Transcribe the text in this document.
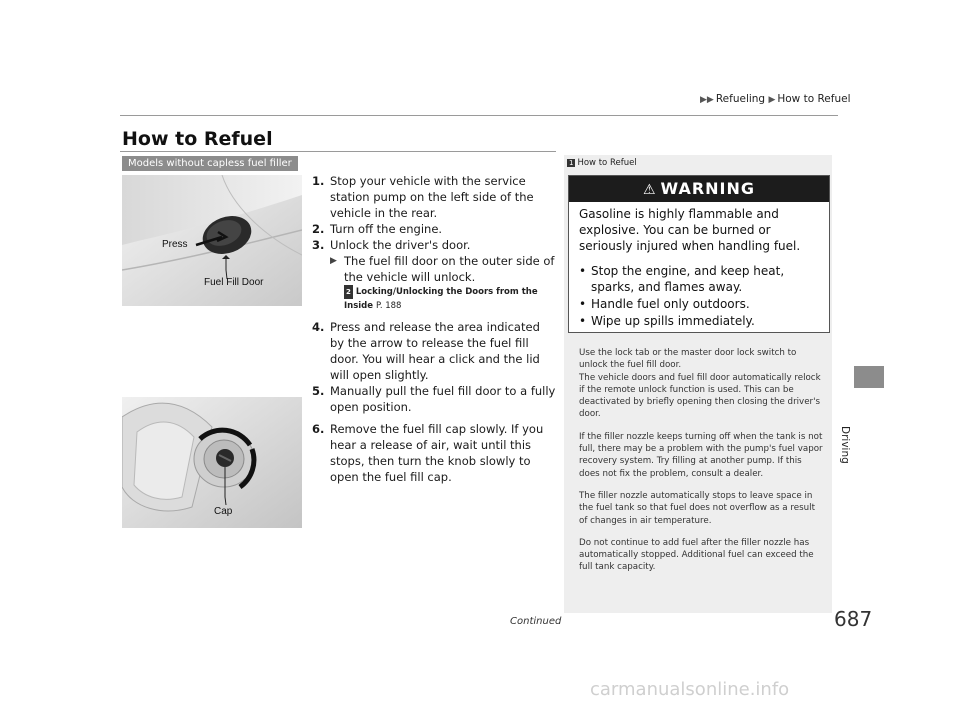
▶▶ Refueling ▶ How to Refuel
How to Refuel
Models without capless fuel filler
Press
Fuel Fill Door
Cap
1. Stop your vehicle with the service station pump on the left side of the vehicle in the rear.
2. Turn off the engine.
3. Unlock the driver's door.
▶ The fuel fill door on the outer side of the vehicle will unlock.
2 Locking/Unlocking the Doors from the Inside P. 188
4. Press and release the area indicated by the arrow to release the fuel fill door. You will hear a click and the lid will open slightly.
5. Manually pull the fuel fill door to a fully open position.
6. Remove the fuel fill cap slowly. If you hear a release of air, wait until this stops, then turn the knob slowly to open the fuel fill cap.
1 How to Refuel
⚠ WARNING
Gasoline is highly flammable and explosive. You can be burned or seriously injured when handling fuel.
• Stop the engine, and keep heat, sparks, and flames away.
• Handle fuel only outdoors.
• Wipe up spills immediately.

Use the lock tab or the master door lock switch to unlock the fuel fill door.
The vehicle doors and fuel fill door automatically relock if the remote unlock function is used. This can be deactivated by briefly opening then closing the driver's door.

If the filler nozzle keeps turning off when the tank is not full, there may be a problem with the pump's fuel vapor recovery system. Try filling at another pump. If this does not fix the problem, consult a dealer.

The filler nozzle automatically stops to leave space in the fuel tank so that fuel does not overflow as a result of changes in air temperature.

Do not continue to add fuel after the filler nozzle has automatically stopped. Additional fuel can exceed the full tank capacity.

Driving
Continued	687
carmanualsonline.info
